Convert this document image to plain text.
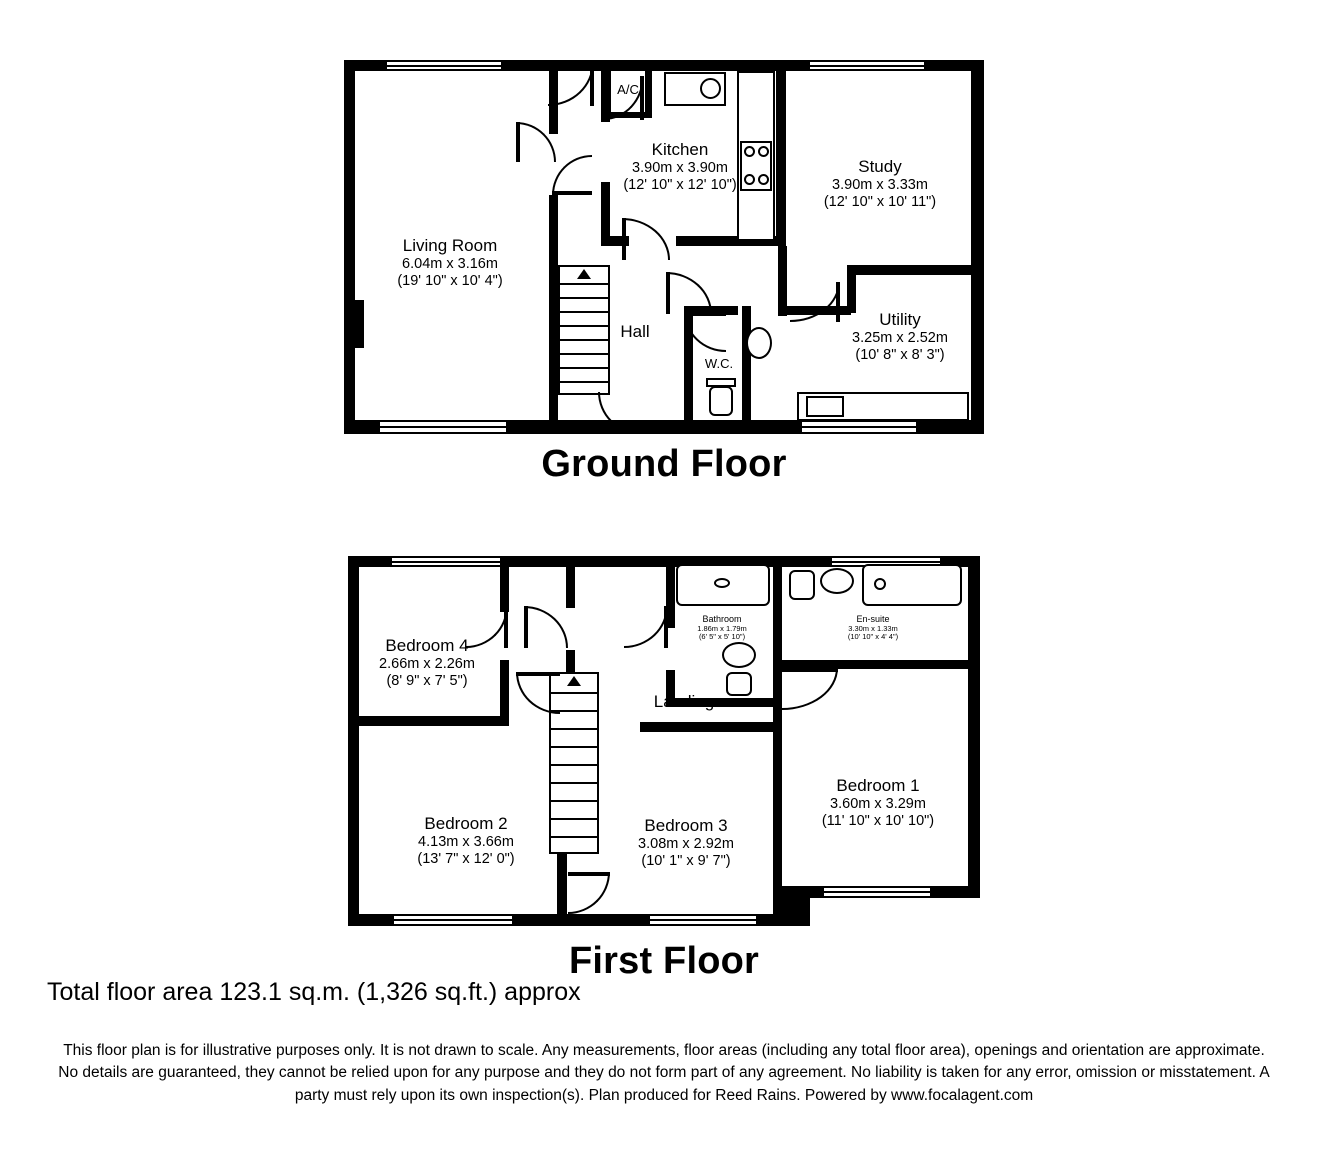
Living Room
6.04m x 3.16m
(19' 10" x 10' 4")
Kitchen
3.90m x 3.90m
(12' 10" x 12' 10")
Study
3.90m x 3.33m
(12' 10" x 10' 11")
Utility
3.25m x 2.52m
(10' 8" x 8' 3")
Hall
W.C.
A/C
Ground Floor
Bedroom 4
2.66m x 2.26m
(8' 9" x 7' 5")
Bedroom 2
4.13m x 3.66m
(13' 7" x 12' 0")
Bedroom 3
3.08m x 2.92m
(10' 1" x 9' 7")
Bedroom 1
3.60m x 3.29m
(11' 10" x 10' 10")
Bathroom
1.86m x 1.79m
(6' 5" x 5' 10")
En-suite
3.30m x 1.33m
(10' 10" x 4' 4")
Landing
First Floor
Total floor area 123.1 sq.m. (1,326 sq.ft.) approx
This floor plan is for illustrative purposes only. It is not drawn to scale. Any measurements, floor areas (including any total floor area), openings and orientation are approximate. No details are guaranteed, they cannot be relied upon for any purpose and they do not form part of any agreement. No liability is taken for any error, omission or misstatement. A party must rely upon its own inspection(s). Plan produced for Reed Rains. Powered by www.focalagent.com
